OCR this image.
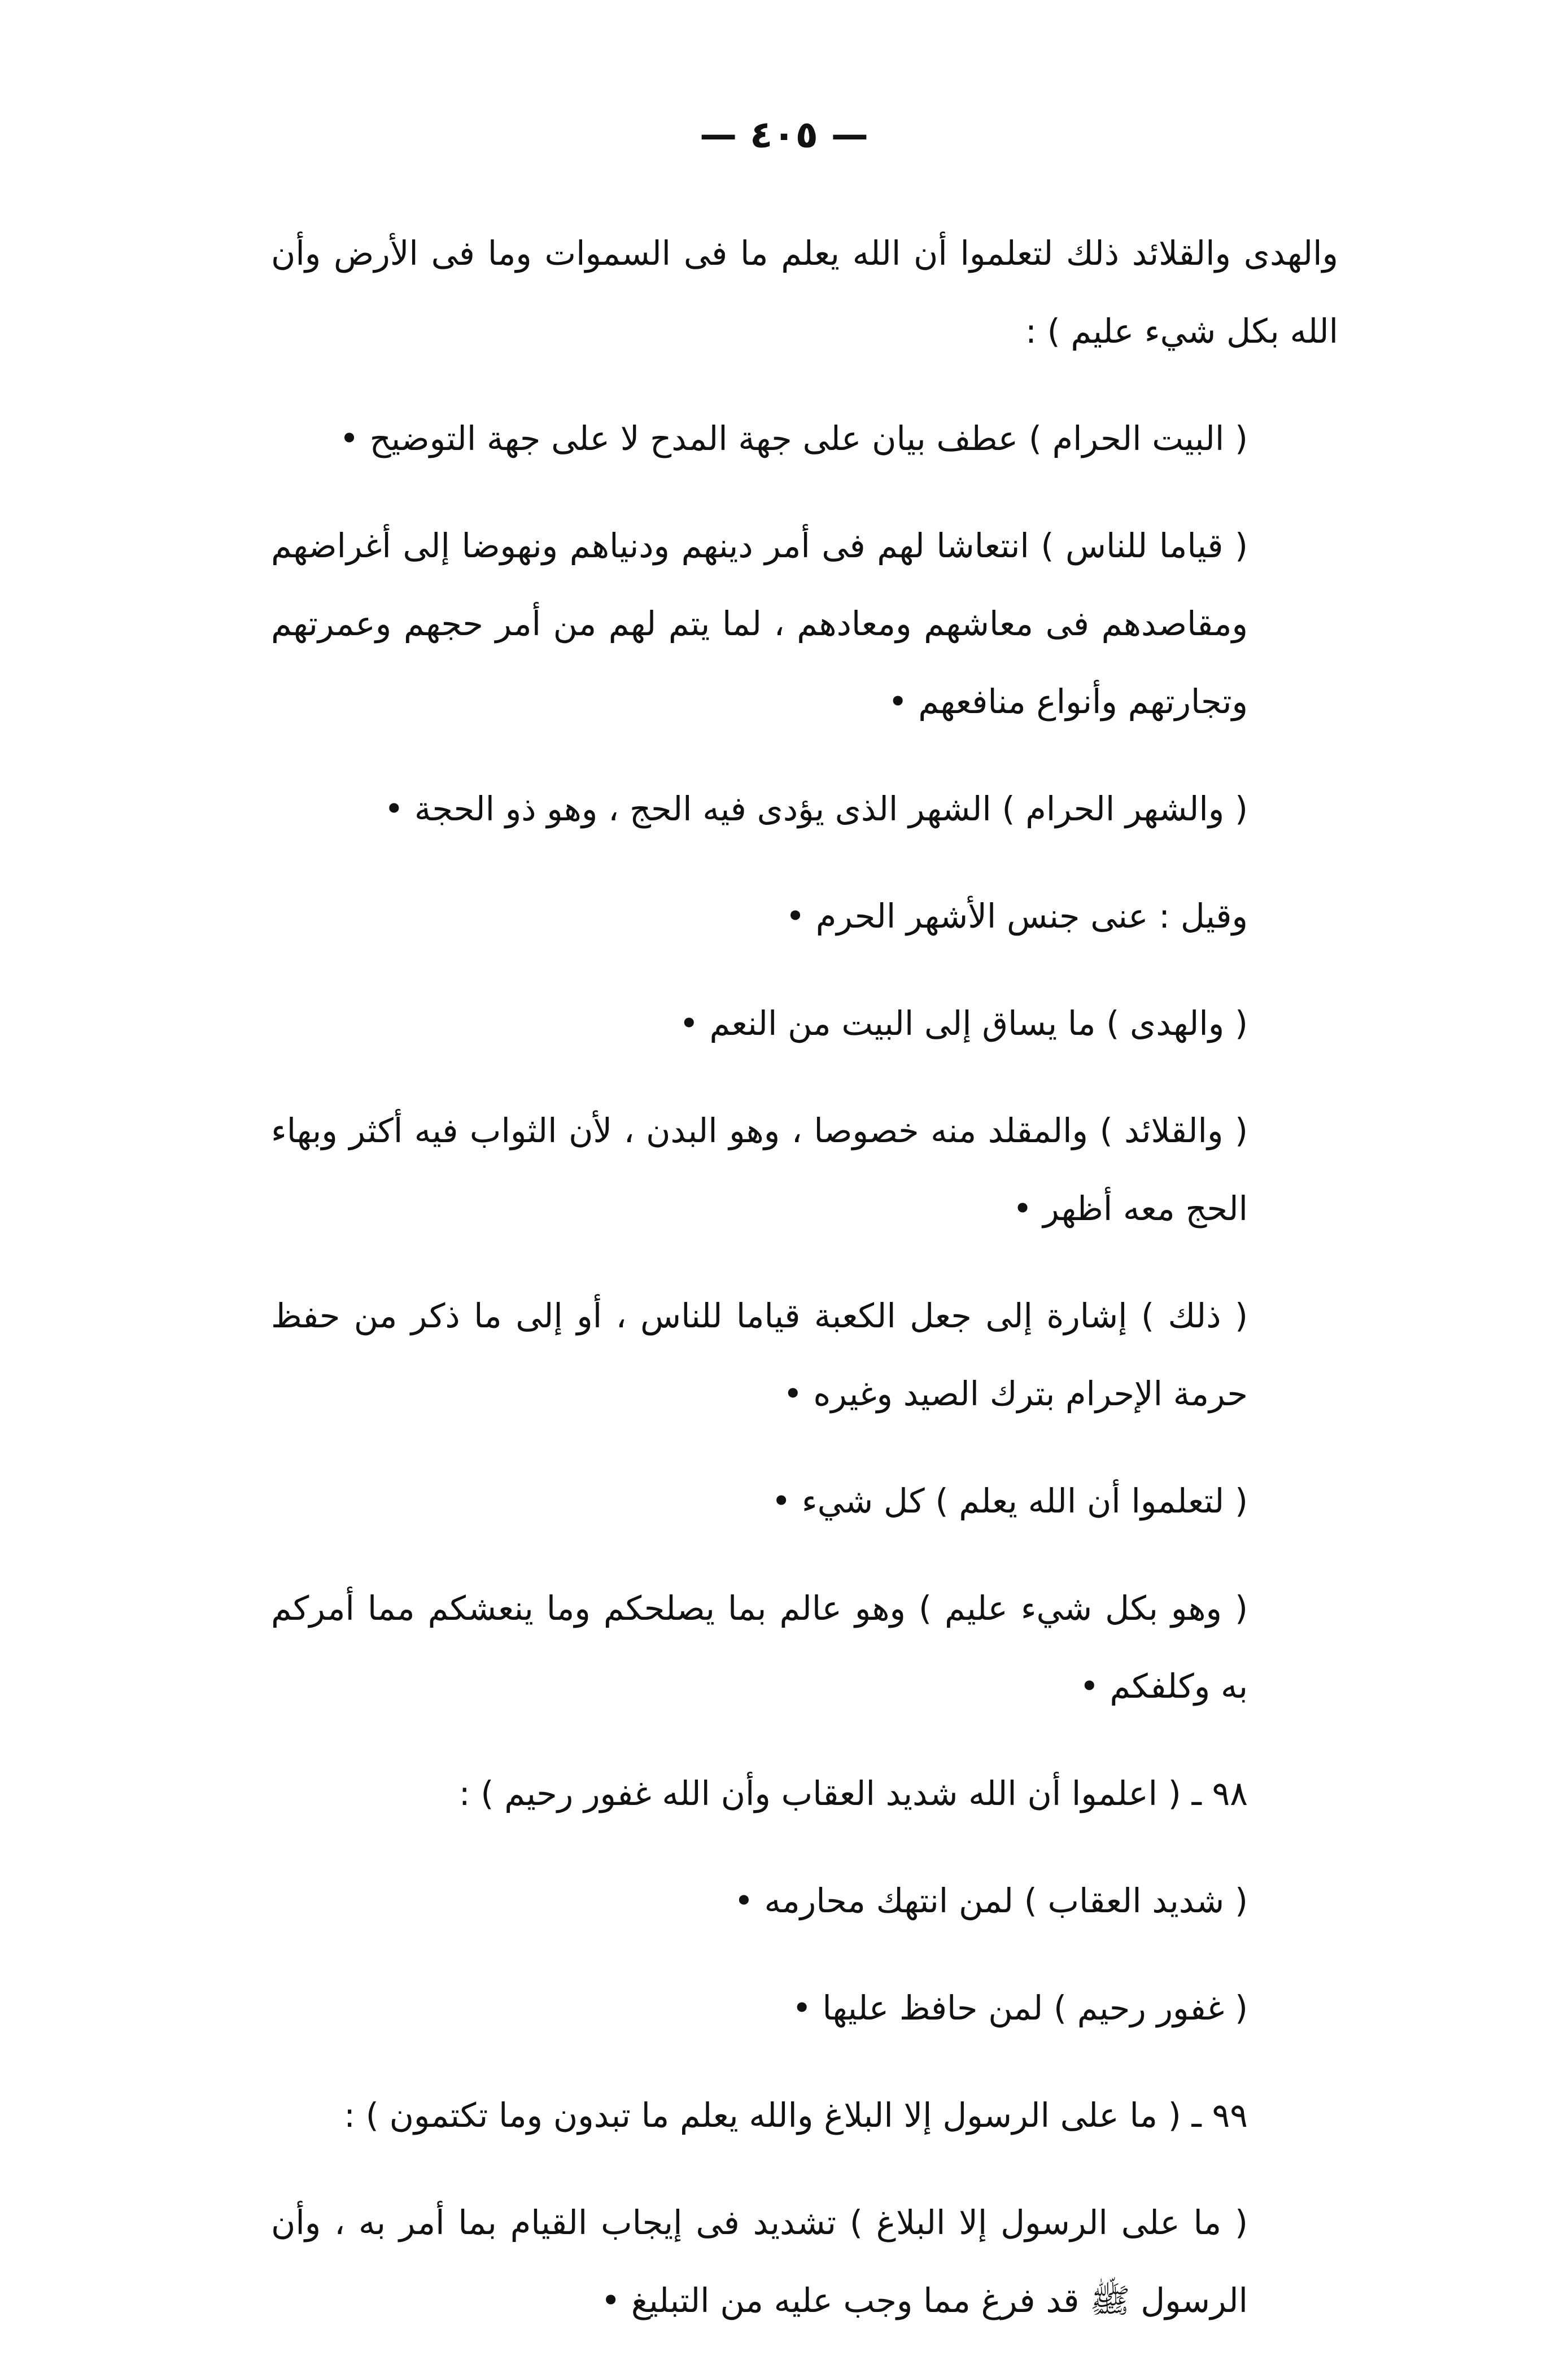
— ٤٠٥ —

والهدى والقلائد ذلك لتعلموا أن الله يعلم ما فى السموات وما فى الأرض وأن الله بكل شيء عليم ) :

( البيت الحرام ) عطف بيان على جهة المدح لا على جهة التوضيح •

( قياما للناس ) انتعاشا لهم فى أمر دينهم ودنياهم ونهوضا إلى أغراضهم ومقاصدهم فى معاشهم ومعادهم ، لما يتم لهم من أمر حجهم وعمرتهم وتجارتهم وأنواع منافعهم •

( والشهر الحرام ) الشهر الذى يؤدى فيه الحج ، وهو ذو الحجة •

وقيل : عنى جنس الأشهر الحرم •

( والهدى ) ما يساق إلى البيت من النعم •

( والقلائد ) والمقلد منه خصوصا ، وهو البدن ، لأن الثواب فيه أكثر وبهاء الحج معه أظهر •

( ذلك ) إشارة إلى جعل الكعبة قياما للناس ، أو إلى ما ذكر من حفظ حرمة الإحرام بترك الصيد وغيره •

( لتعلموا أن الله يعلم ) كل شيء •

( وهو بكل شيء عليم ) وهو عالم بما يصلحكم وما ينعشكم مما أمركم به وكلفكم •

٩٨ ـ ( اعلموا أن الله شديد العقاب وأن الله غفور رحيم ) :

( شديد العقاب ) لمن انتهك محارمه •

( غفور رحيم ) لمن حافظ عليها •

٩٩ ـ ( ما على الرسول إلا البلاغ والله يعلم ما تبدون وما تكتمون ) :

( ما على الرسول إلا البلاغ ) تشديد فى إيجاب القيام بما أمر به ، وأن الرسول ﷺ قد فرغ مما وجب عليه من التبليغ •
